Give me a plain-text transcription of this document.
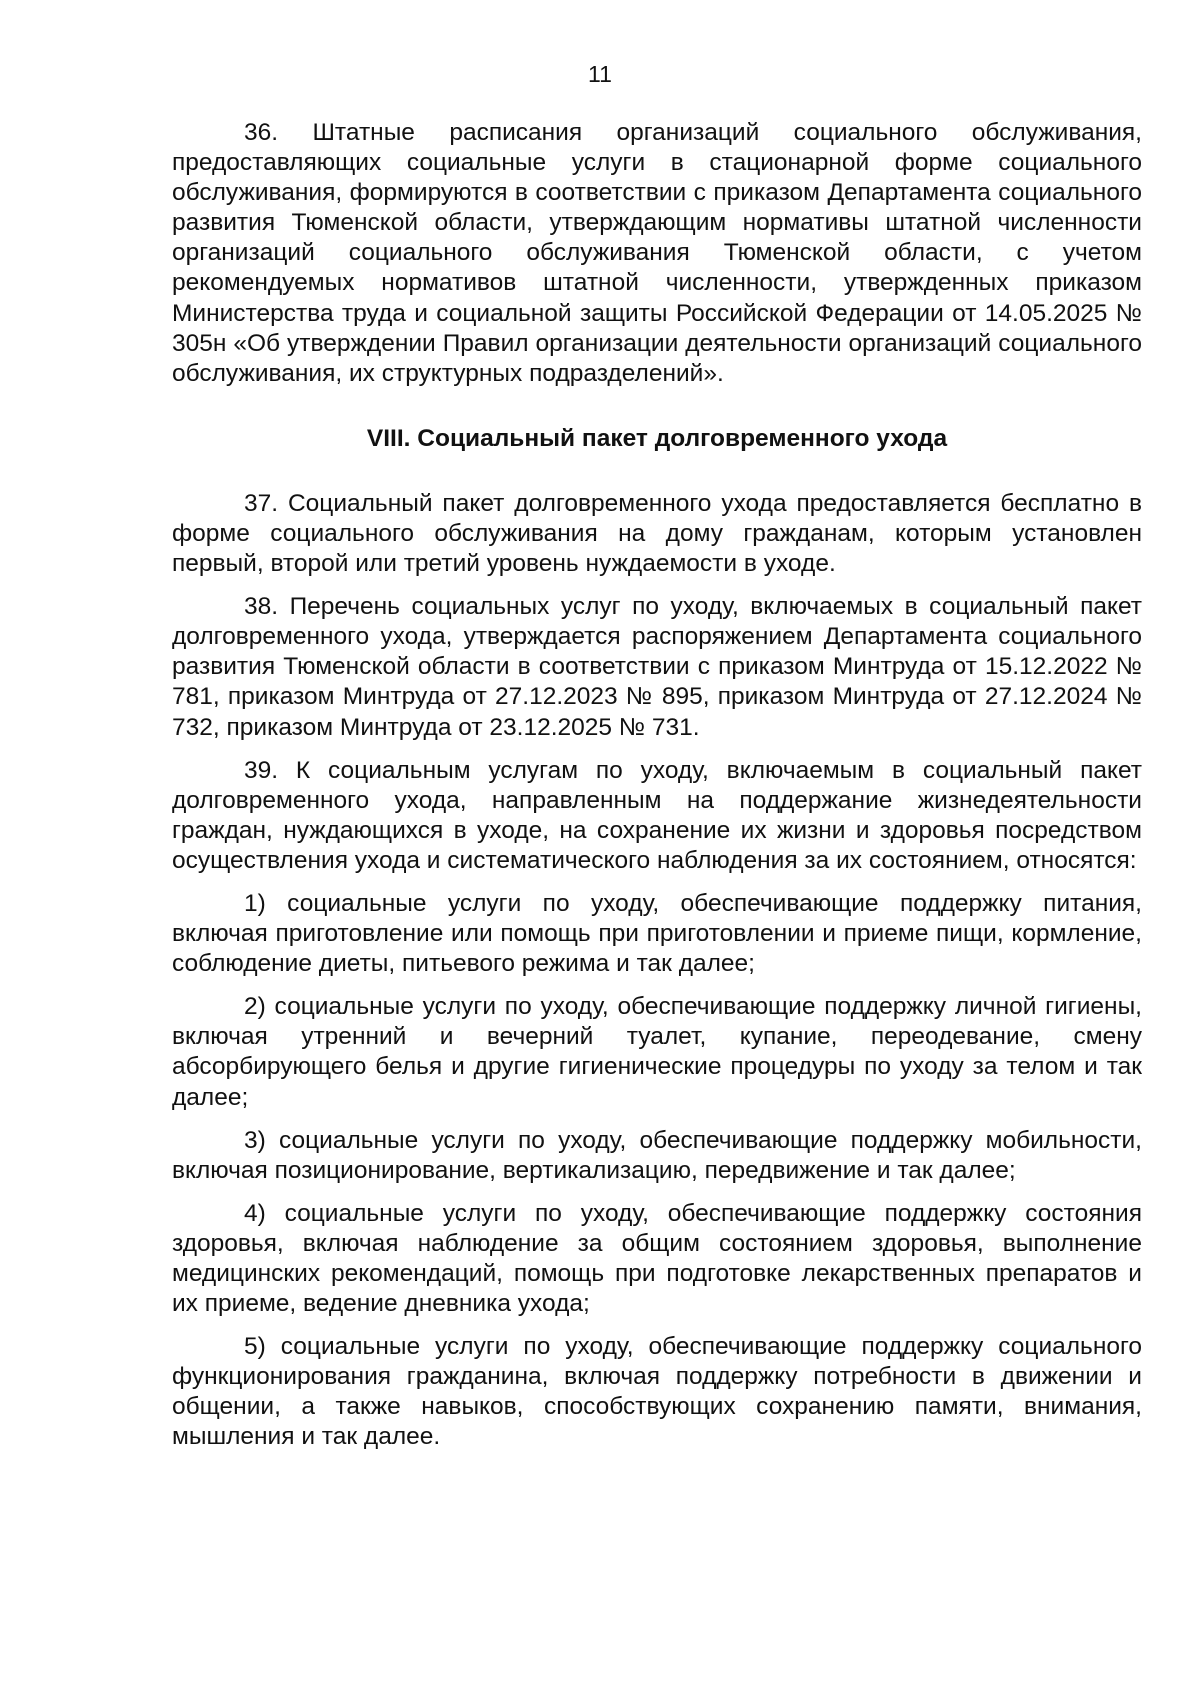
11

36. Штатные расписания организаций социального обслуживания, предоставляющих социальные услуги в стационарной форме социального обслуживания, формируются в соответствии с приказом Департамента социального развития Тюменской области, утверждающим нормативы штатной численности организаций социального обслуживания Тюменской области, с учетом рекомендуемых нормативов штатной численности, утвержденных приказом Министерства труда и социальной защиты Российской Федерации от 14.05.2025 № 305н «Об утверждении Правил организации деятельности организаций социального обслуживания, их структурных подразделений».

VIII. Социальный пакет долговременного ухода

37. Социальный пакет долговременного ухода предоставляется бесплатно в форме социального обслуживания на дому гражданам, которым установлен первый, второй или третий уровень нуждаемости в уходе.

38. Перечень социальных услуг по уходу, включаемых в социальный пакет долговременного ухода, утверждается распоряжением Департамента социального развития Тюменской области в соответствии с приказом Минтруда от 15.12.2022 № 781, приказом Минтруда от 27.12.2023 № 895, приказом Минтруда от 27.12.2024 № 732, приказом Минтруда от 23.12.2025 № 731.

39. К социальным услугам по уходу, включаемым в социальный пакет долговременного ухода, направленным на поддержание жизнедеятельности граждан, нуждающихся в уходе, на сохранение их жизни и здоровья посредством осуществления ухода и систематического наблюдения за их состоянием, относятся:

1) социальные услуги по уходу, обеспечивающие поддержку питания, включая приготовление или помощь при приготовлении и приеме пищи, кормление, соблюдение диеты, питьевого режима и так далее;

2) социальные услуги по уходу, обеспечивающие поддержку личной гигиены, включая утренний и вечерний туалет, купание, переодевание, смену абсорбирующего белья и другие гигиенические процедуры по уходу за телом и так далее;

3) социальные услуги по уходу, обеспечивающие поддержку мобильности, включая позиционирование, вертикализацию, передвижение и так далее;

4) социальные услуги по уходу, обеспечивающие поддержку состояния здоровья, включая наблюдение за общим состоянием здоровья, выполнение медицинских рекомендаций, помощь при подготовке лекарственных препаратов и их приеме, ведение дневника ухода;

5) социальные услуги по уходу, обеспечивающие поддержку социального функционирования гражданина, включая поддержку потребности в движении и общении, а также навыков, способствующих сохранению памяти, внимания, мышления и так далее.
